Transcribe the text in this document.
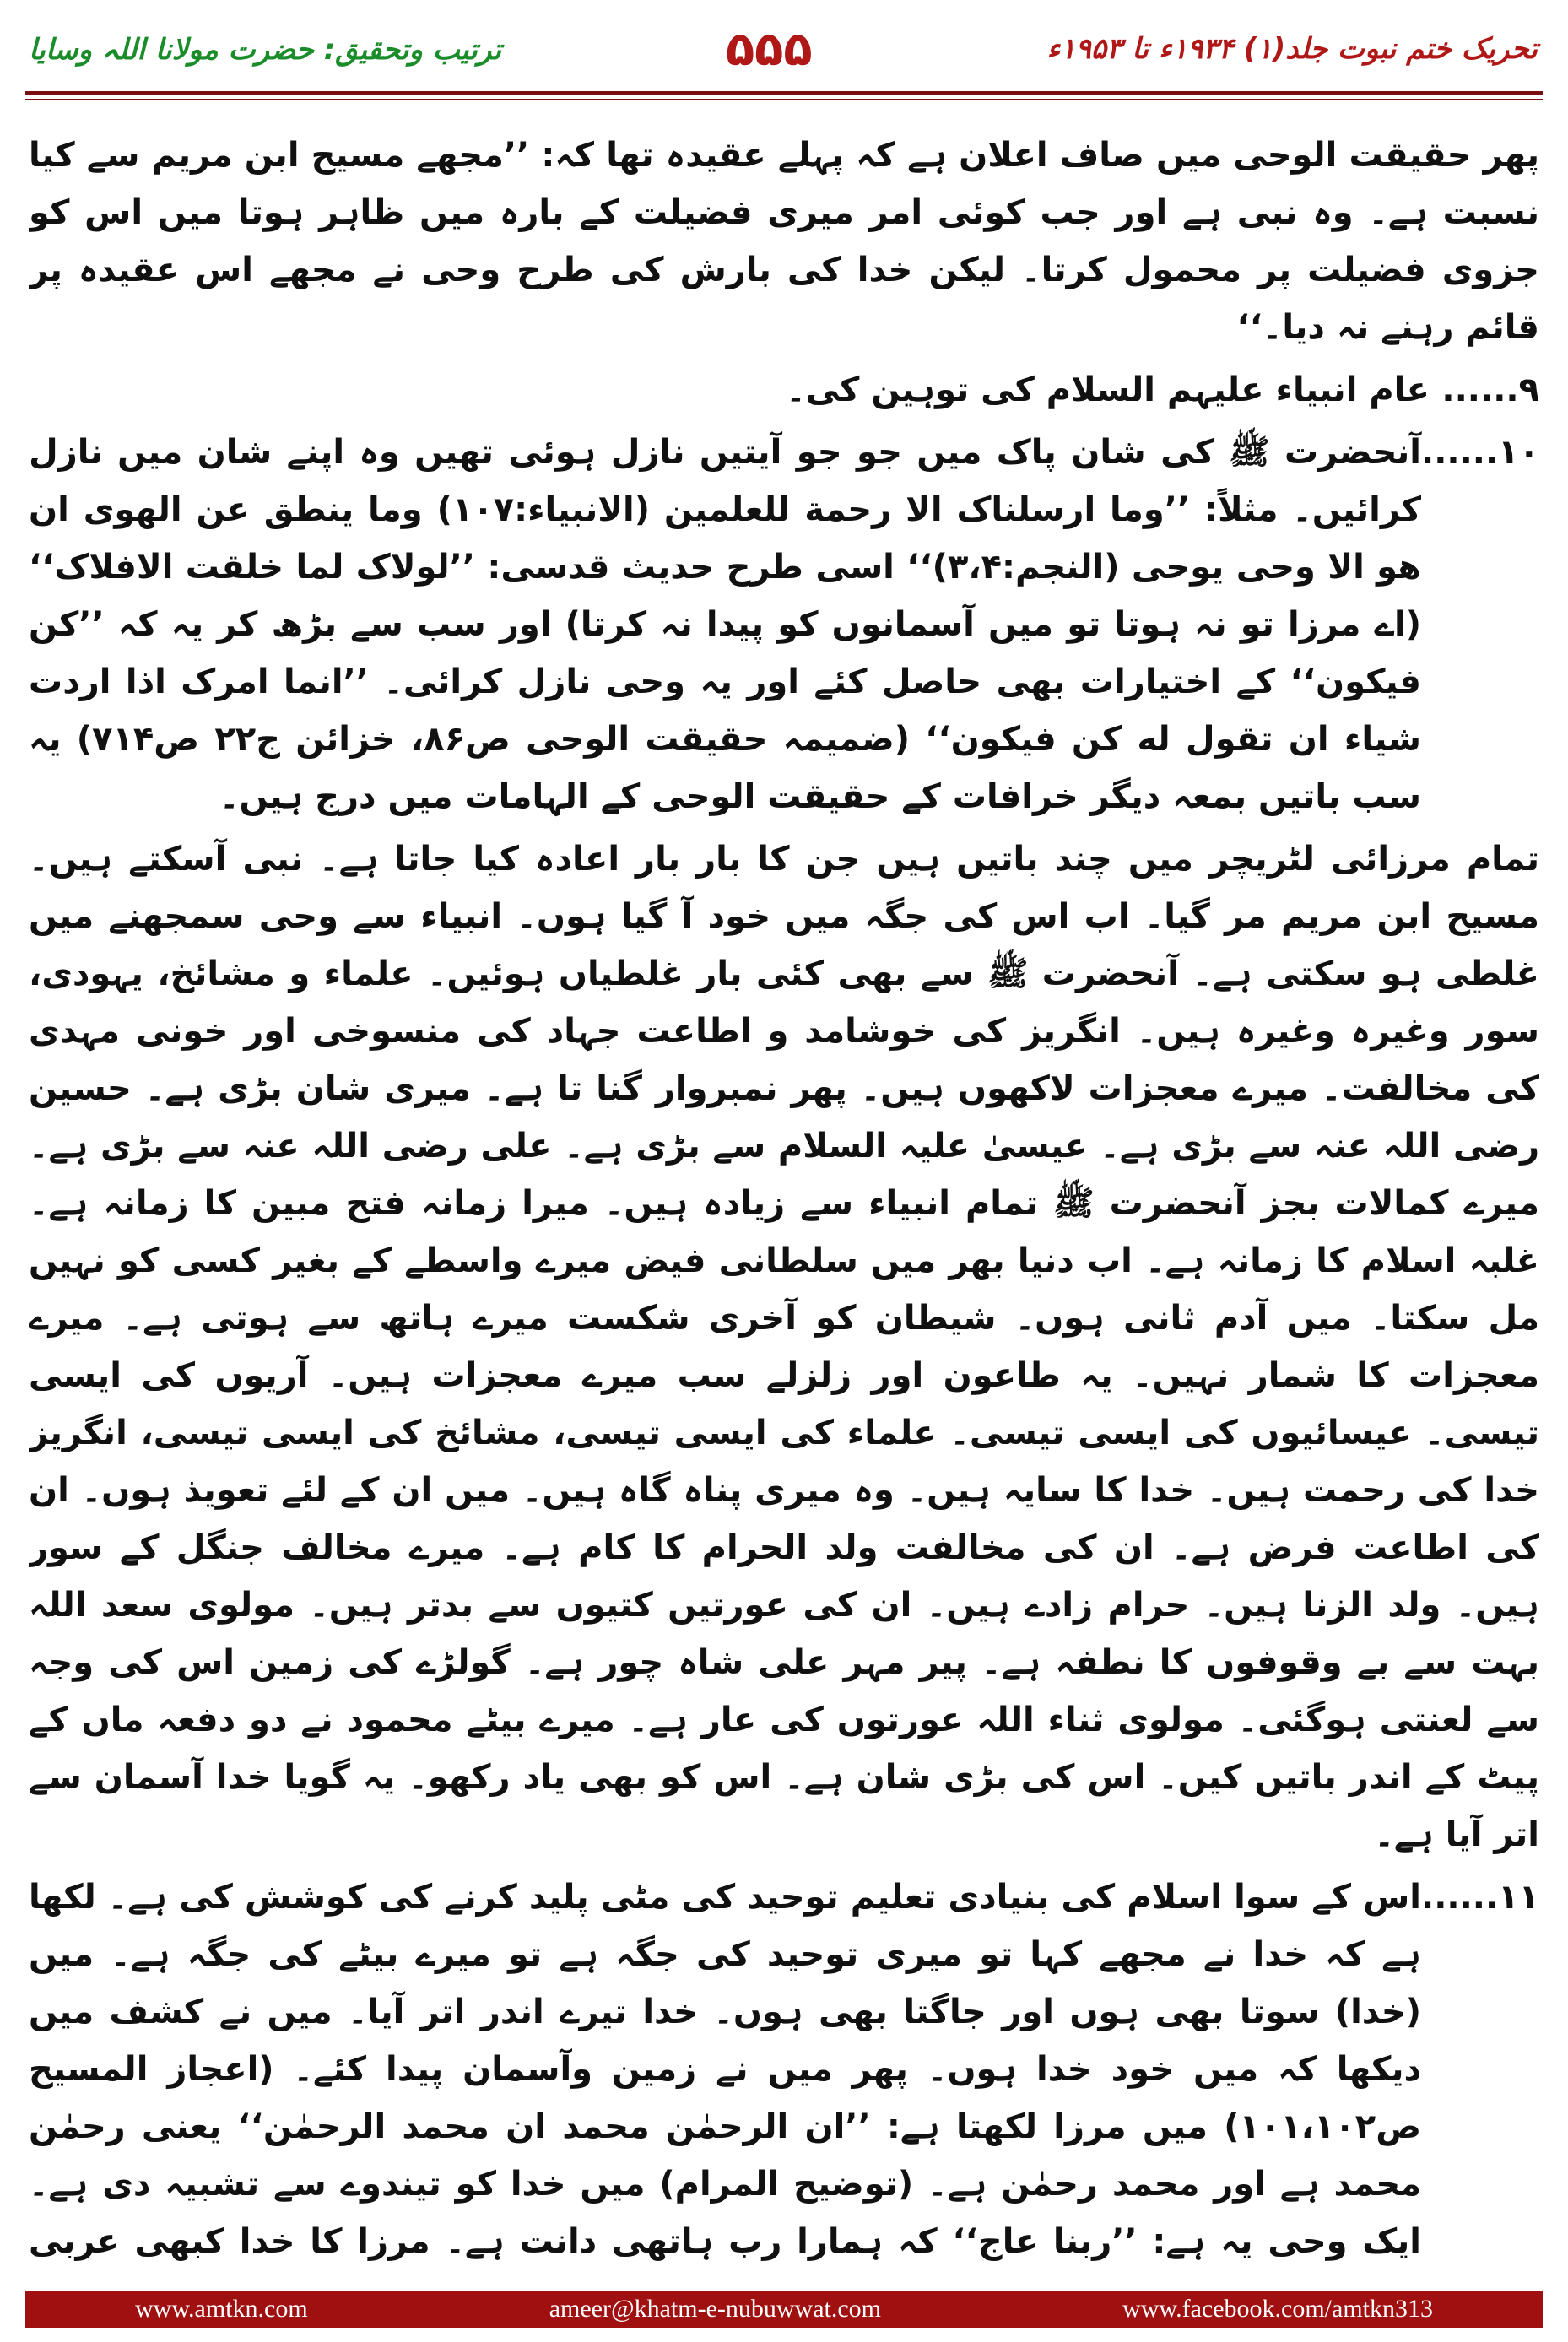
ترتیب وتحقیق: حضرت مولانا اللہ وسایا	۵۵۵	تحریک ختم نبوت جلد(۱) ۱۹۳۴ء تا ۱۹۵۳ء

پھر حقیقت الوحی میں صاف اعلان ہے کہ پہلے عقیدہ تھا کہ: ’’مجھے مسیح ابن مریم سے کیا نسبت ہے۔ وہ نبی ہے اور جب کوئی امر میری فضیلت کے بارہ میں ظاہر ہوتا میں اس کو جزوی فضیلت پر محمول کرتا۔ لیکن خدا کی بارش کی طرح وحی نے مجھے اس عقیدہ پر قائم رہنے نہ دیا۔‘‘

۹......
عام انبیاء علیہم السلام کی توہین کی۔
۱۰......
آنحضرت ﷺ کی شان پاک میں جو جو آیتیں نازل ہوئی تھیں وہ اپنے شان میں نازل کرائیں۔ مثلاً: ’’وما ارسلناک الا رحمة للعلمین (الانبیاء:۱۰۷) وما ینطق عن الهوی ان هو الا وحی یوحی (النجم:۳،۴)‘‘ اسی طرح حدیث قدسی: ’’لولاک لما خلقت الافلاک‘‘ (اے مرزا تو نہ ہوتا تو میں آسمانوں کو پیدا نہ کرتا) اور سب سے بڑھ کر یہ کہ ’’کن فیکون‘‘ کے اختیارات بھی حاصل کئے اور یہ وحی نازل کرائی۔ ’’انما امرک اذا اردت شیاء ان تقول له کن فیکون‘‘ (ضمیمہ حقیقت الوحی ص۸۶، خزائن ج۲۲ ص۷۱۴) یہ سب باتیں بمعہ دیگر خرافات کے حقیقت الوحی کے الہامات میں درج ہیں۔

تمام مرزائی لٹریچر میں چند باتیں ہیں جن کا بار بار اعادہ کیا جاتا ہے۔ نبی آسکتے ہیں۔ مسیح ابن مریم مر گیا۔ اب اس کی جگہ میں خود آ گیا ہوں۔ انبیاء سے وحی سمجھنے میں غلطی ہو سکتی ہے۔ آنحضرت ﷺ سے بھی کئی بار غلطیاں ہوئیں۔ علماء و مشائخ، یہودی، سور وغیرہ وغیرہ ہیں۔ انگریز کی خوشامد و اطاعت جہاد کی منسوخی اور خونی مہدی کی مخالفت۔ میرے معجزات لاکھوں ہیں۔ پھر نمبروار گنا تا ہے۔ میری شان بڑی ہے۔ حسین رضی اللہ عنہ سے بڑی ہے۔ عیسیٰ علیہ السلام سے بڑی ہے۔ علی رضی اللہ عنہ سے بڑی ہے۔ میرے کمالات بجز آنحضرت ﷺ تمام انبیاء سے زیادہ ہیں۔ میرا زمانہ فتح مبین کا زمانہ ہے۔ غلبہ اسلام کا زمانہ ہے۔ اب دنیا بھر میں سلطانی فیض میرے واسطے کے بغیر کسی کو نہیں مل سکتا۔ میں آدم ثانی ہوں۔ شیطان کو آخری شکست میرے ہاتھ سے ہوتی ہے۔ میرے معجزات کا شمار نہیں۔ یہ طاعون اور زلزلے سب میرے معجزات ہیں۔ آریوں کی ایسی تیسی۔ عیسائیوں کی ایسی تیسی۔ علماء کی ایسی تیسی، مشائخ کی ایسی تیسی، انگریز خدا کی رحمت ہیں۔ خدا کا سایہ ہیں۔ وہ میری پناہ گاہ ہیں۔ میں ان کے لئے تعویذ ہوں۔ ان کی اطاعت فرض ہے۔ ان کی مخالفت ولد الحرام کا کام ہے۔ میرے مخالف جنگل کے سور ہیں۔ ولد الزنا ہیں۔ حرام زادے ہیں۔ ان کی عورتیں کتیوں سے بدتر ہیں۔ مولوی سعد اللہ بہت سے بے وقوفوں کا نطفہ ہے۔ پیر مہر علی شاہ چور ہے۔ گولڑے کی زمین اس کی وجہ سے لعنتی ہوگئی۔ مولوی ثناء اللہ عورتوں کی عار ہے۔ میرے بیٹے محمود نے دو دفعہ ماں کے پیٹ کے اندر باتیں کیں۔ اس کی بڑی شان ہے۔ اس کو بھی یاد رکھو۔ یہ گویا خدا آسمان سے اتر آیا ہے۔

۱۱......
اس کے سوا اسلام کی بنیادی تعلیم توحید کی مٹی پلید کرنے کی کوشش کی ہے۔ لکھا ہے کہ خدا نے مجھے کہا تو میری توحید کی جگہ ہے تو میرے بیٹے کی جگہ ہے۔ میں (خدا) سوتا بھی ہوں اور جاگتا بھی ہوں۔ خدا تیرے اندر اتر آیا۔ میں نے کشف میں دیکھا کہ میں خود خدا ہوں۔ پھر میں نے زمین وآسمان پیدا کئے۔ (اعجاز المسیح ص۱۰۱،۱۰۲) میں مرزا لکھتا ہے: ’’ان الرحمٰن محمد ان محمد الرحمٰن‘‘ یعنی رحمٰن محمد ہے اور محمد رحمٰن ہے۔ (توضیح المرام) میں خدا کو تیندوے سے تشبیہ دی ہے۔ ایک وحی یہ ہے: ’’ربنا عاج‘‘ کہ ہمارا رب ہاتھی دانت ہے۔ مرزا کا خدا کبھی عربی
www.amtkn.com	ameer@khatm-e-nubuwwat.com	www.facebook.com/amtkn313
